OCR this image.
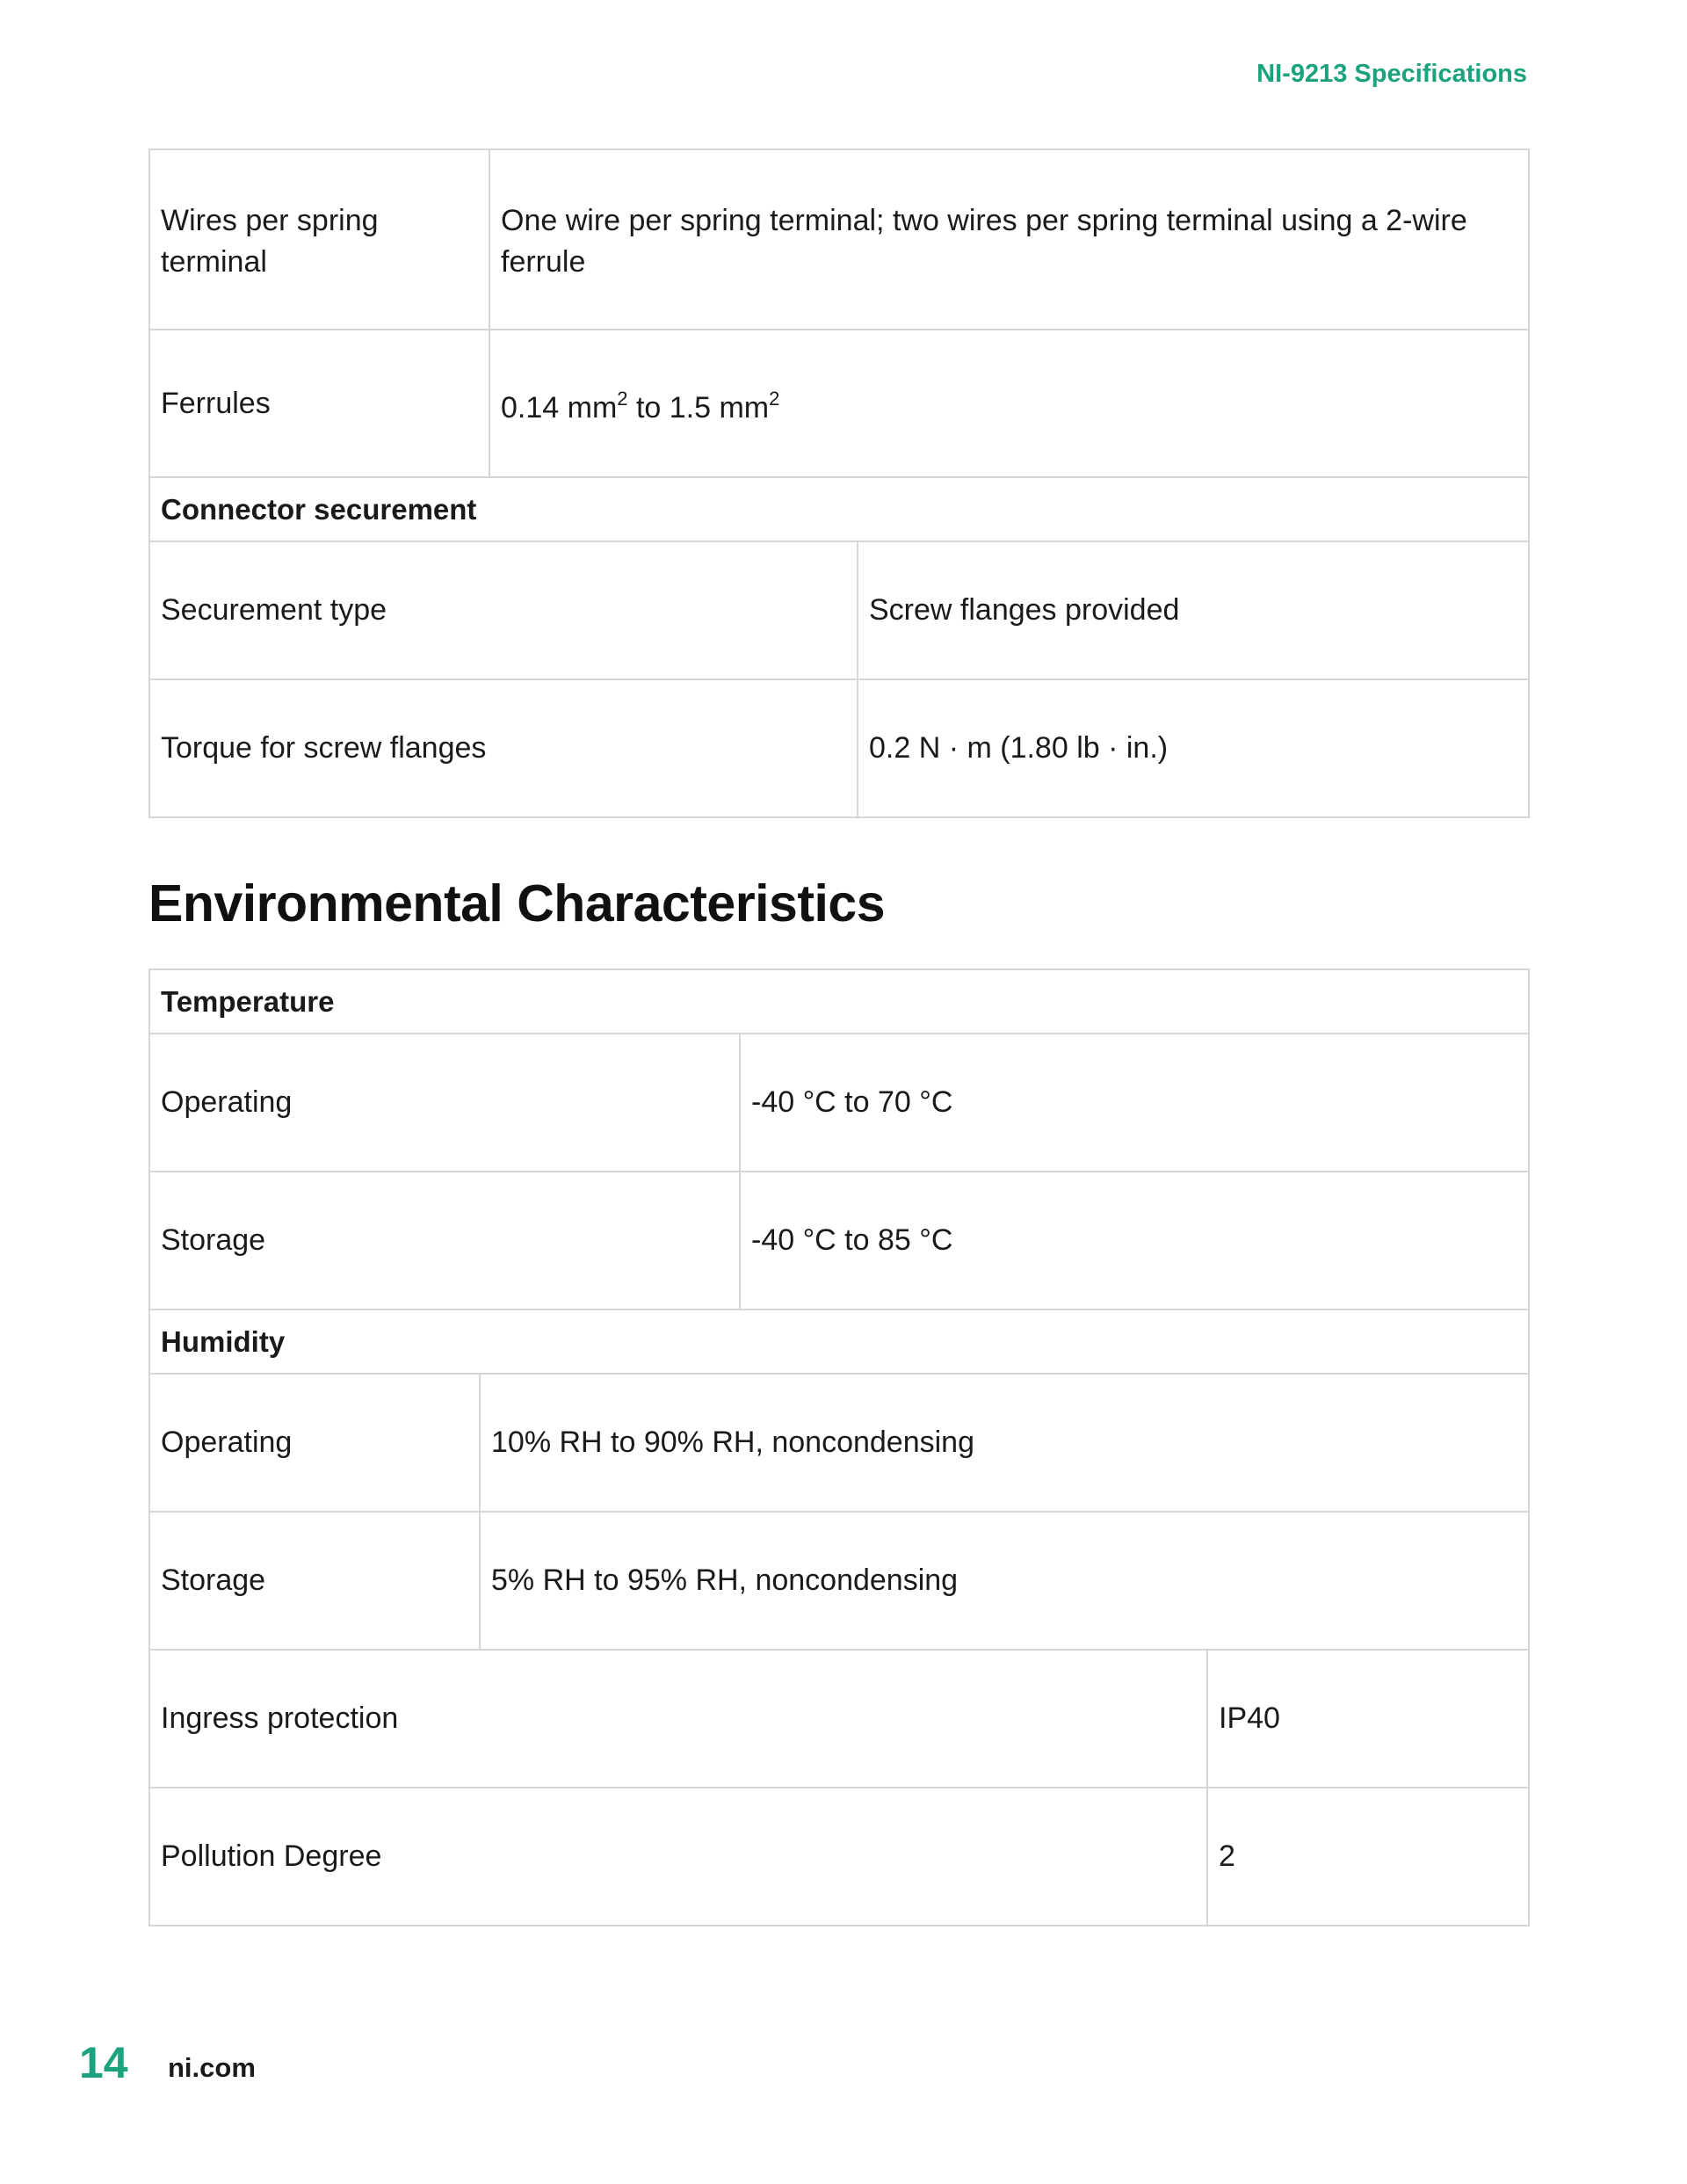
NI-9213 Specifications
Wires per spring terminal	One wire per spring terminal; two wires per spring terminal using a 2-wire ferrule	
Ferrules	0.14 $mm^2$ to 1.5 $mm^2$
Connector securement		
Securement type		Screw flanges provided
Torque for screw flanges		0.2 N · m (1.80 lb · in.)
Environmental Characteristics
Temperature			
Operating		-40 °C to 70 °C	
Storage		-40 °C to 85 °C	
Humidity			
Operating	10% RH to 90% RH, noncondensing		
Storage	5% RH to 95% RH, noncondensing		
Ingress protection			IP40
Pollution Degree			2
14 ni.com
